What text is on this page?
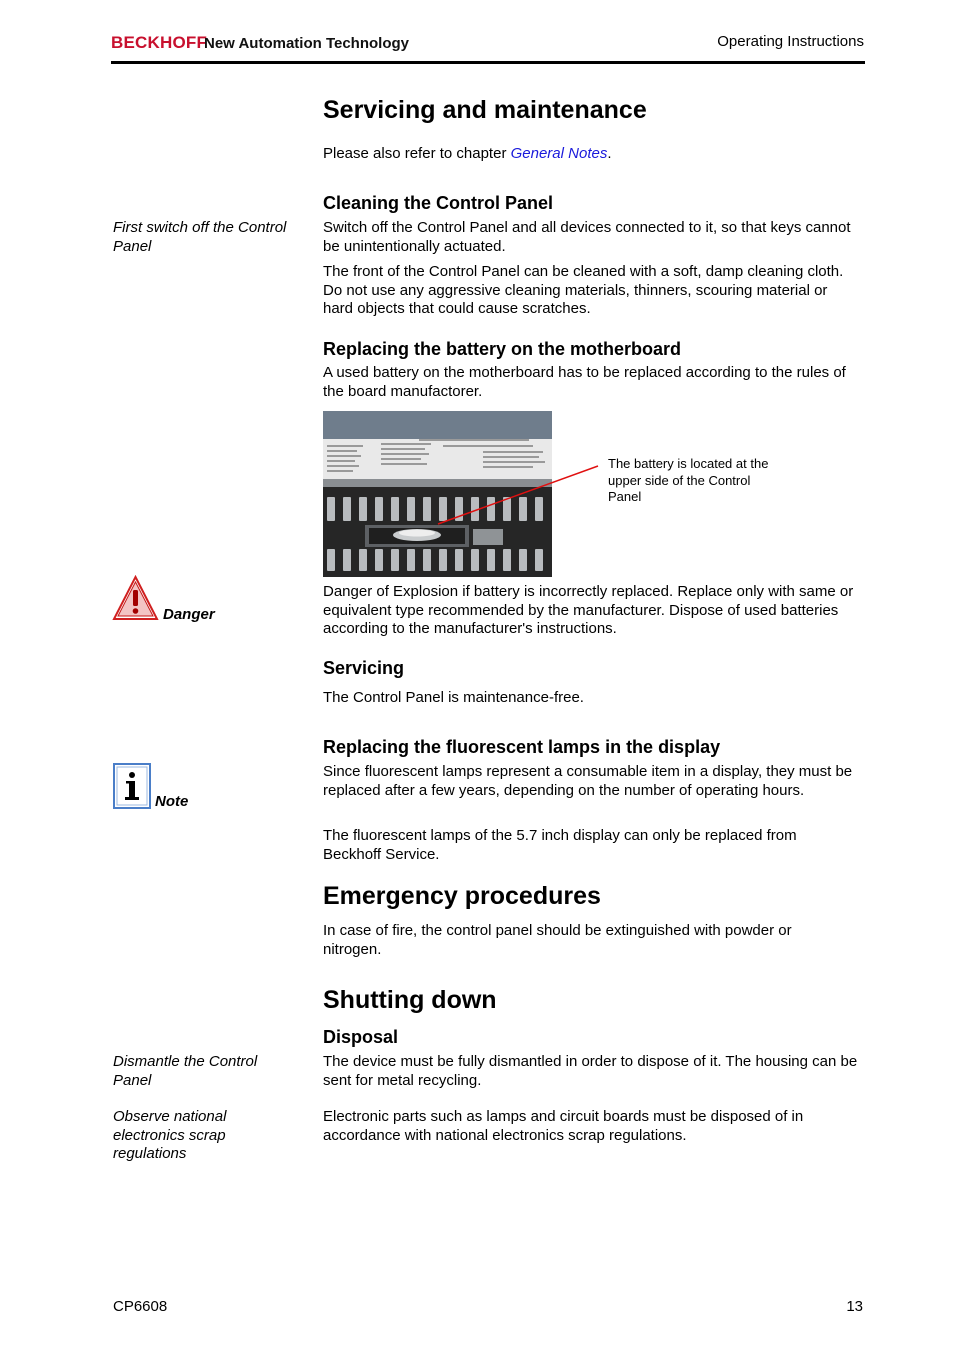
BECKHOFF
New Automation Technology	Operating Instructions
Servicing and maintenance
Please also refer to chapter General Notes.
Cleaning the Control Panel
First switch off the Control Panel
Switch off the Control Panel and all devices connected to it, so that keys cannot be unintentionally actuated.
The front of the Control Panel can be cleaned with a soft, damp cleaning cloth. Do not use any aggressive cleaning materials, thinners, scouring material or hard objects that could cause scratches.
Replacing the battery on the motherboard
A used battery on the motherboard has to be replaced according to the rules of the board manufactorer.
The battery is located at the upper side of the Control Panel
Danger
Danger of Explosion if battery is incorrectly replaced. Replace only with same or equivalent type recommended by the manufacturer. Dispose of used batteries according to the manufacturer's instructions.
Servicing
The Control Panel is maintenance-free.
Replacing the fluorescent lamps in the display
Note
Since fluorescent lamps represent a consumable item in a display, they must be replaced after a few years, depending on the number of operating hours.
The fluorescent lamps of the 5.7 inch display can only be replaced from Beckhoff Service.
Emergency procedures
In case of fire, the control panel should be extinguished with powder or nitrogen.
Shutting down
Disposal
Dismantle the Control Panel
The device must be fully dismantled in order to dispose of it. The housing can be sent for metal recycling.
Observe national electronics scrap regulations
Electronic parts such as lamps and circuit boards must be disposed of in accordance with national electronics scrap regulations.
CP6608	13
